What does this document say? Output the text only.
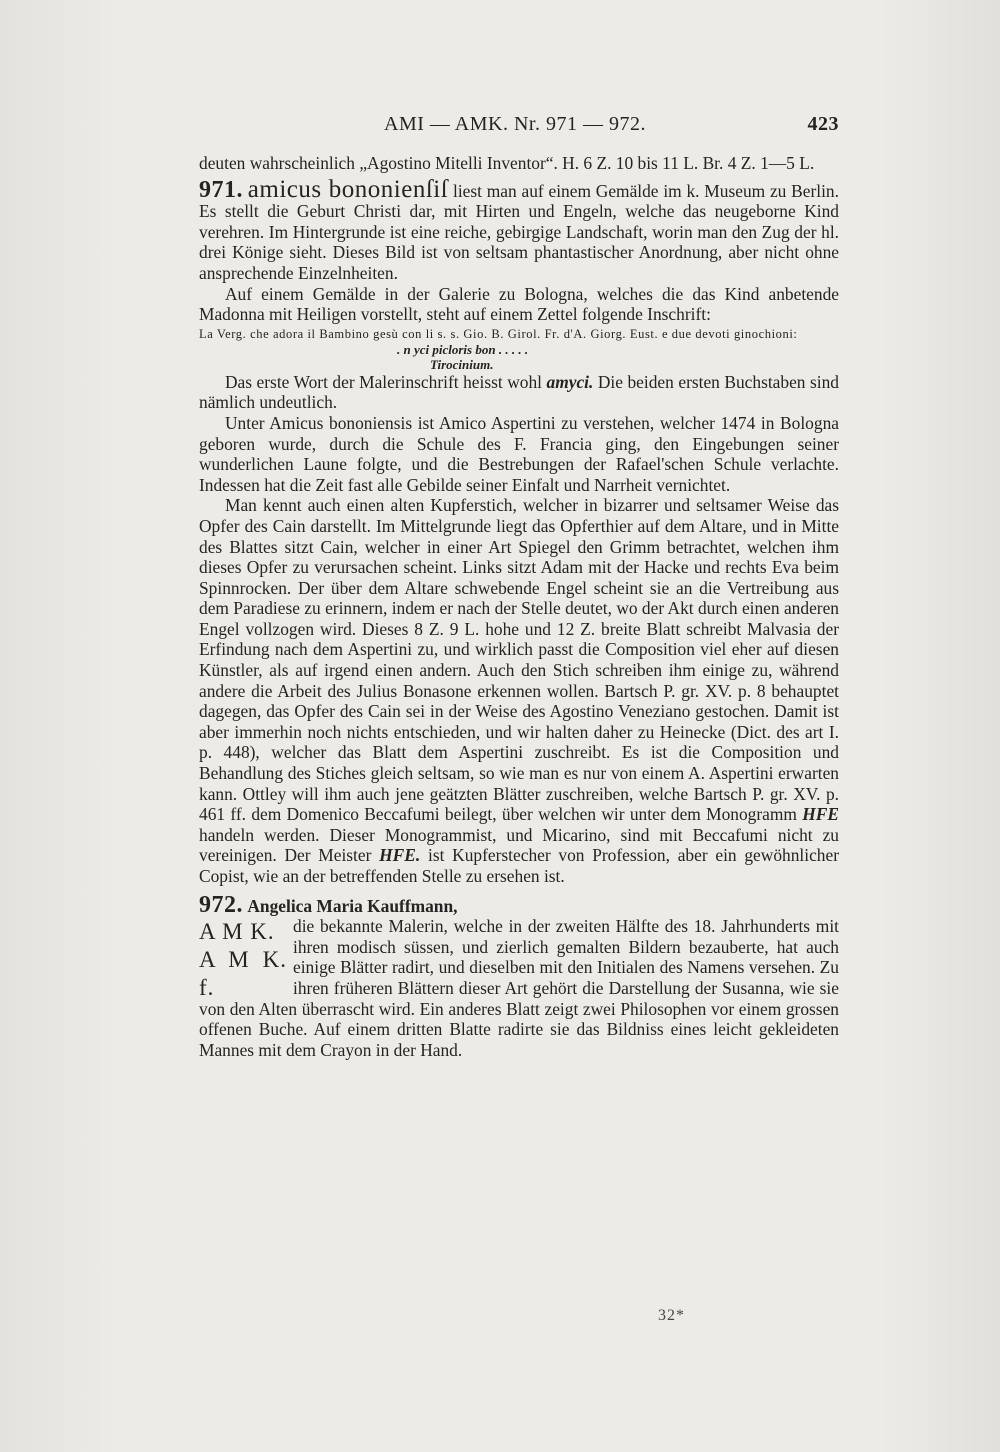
AMI — AMK. Nr. 971 — 972.	423

deuten wahrscheinlich „Agostino Mitelli Inventor“. H. 6 Z. 10 bis 11 L. Br. 4 Z. 1—5 L.

971. amicus bononienſiſ liest man auf einem Gemälde im k. Museum zu Berlin. Es stellt die Geburt Christi dar, mit Hirten und Engeln, welche das neugeborne Kind verehren. Im Hintergrunde ist eine reiche, gebirgige Landschaft, worin man den Zug der hl. drei Könige sieht. Dieses Bild ist von seltsam phantastischer Anordnung, aber nicht ohne ansprechende Einzelnheiten.

Auf einem Gemälde in der Galerie zu Bologna, welches die das Kind anbetende Madonna mit Heiligen vorstellt, steht auf einem Zettel folgende Inschrift:

La Verg. che adora il Bambino gesù con li s. s. Gio. B. Girol. Fr. d'A. Giorg. Eust. e due devoti ginochioni:

. n yci picloris bon . . . . .

Tirocinium.

Das erste Wort der Malerinschrift heisst wohl amyci. Die beiden ersten Buchstaben sind nämlich undeutlich.

Unter Amicus bononiensis ist Amico Aspertini zu verstehen, welcher 1474 in Bologna geboren wurde, durch die Schule des F. Francia ging, den Eingebungen seiner wunderlichen Laune folgte, und die Bestrebungen der Rafael'schen Schule verlachte. Indessen hat die Zeit fast alle Gebilde seiner Einfalt und Narrheit vernichtet.

Man kennt auch einen alten Kupferstich, welcher in bizarrer und seltsamer Weise das Opfer des Cain darstellt. Im Mittelgrunde liegt das Opferthier auf dem Altare, und in Mitte des Blattes sitzt Cain, welcher in einer Art Spiegel den Grimm betrachtet, welchen ihm dieses Opfer zu verursachen scheint. Links sitzt Adam mit der Hacke und rechts Eva beim Spinnrocken. Der über dem Altare schwebende Engel scheint sie an die Vertreibung aus dem Paradiese zu erinnern, indem er nach der Stelle deutet, wo der Akt durch einen anderen Engel vollzogen wird. Dieses 8 Z. 9 L. hohe und 12 Z. breite Blatt schreibt Malvasia der Erfindung nach dem Aspertini zu, und wirklich passt die Composition viel eher auf diesen Künstler, als auf irgend einen andern. Auch den Stich schreiben ihm einige zu, während andere die Arbeit des Julius Bonasone erkennen wollen. Bartsch P. gr. XV. p. 8 behauptet dagegen, das Opfer des Cain sei in der Weise des Agostino Veneziano gestochen. Damit ist aber immerhin noch nichts entschieden, und wir halten daher zu Heinecke (Dict. des art I. p. 448), welcher das Blatt dem Aspertini zuschreibt. Es ist die Composition und Behandlung des Stiches gleich seltsam, so wie man es nur von einem A. Aspertini erwarten kann. Ottley will ihm auch jene geätzten Blätter zuschreiben, welche Bartsch P. gr. XV. p. 461 ff. dem Domenico Beccafumi beilegt, über welchen wir unter dem Monogramm HFE handeln werden. Dieser Monogrammist, und Micarino, sind mit Beccafumi nicht zu vereinigen. Der Meister HFE. ist Kupferstecher von Profession, aber ein gewöhnlicher Copist, wie an der betreffenden Stelle zu ersehen ist.

972. Angelica Maria Kauffmann,

A M K.
A M K. f.

die bekannte Malerin, welche in der zweiten Hälfte des 18. Jahrhunderts mit ihren modisch süssen, und zierlich gemalten Bildern bezauberte, hat auch einige Blätter radirt, und dieselben mit den Initialen des Namens versehen. Zu ihren früheren Blättern dieser Art gehört die Darstellung der Susanna, wie sie von den Alten überrascht wird. Ein anderes Blatt zeigt zwei Philosophen vor einem grossen offenen Buche. Auf einem dritten Blatte radirte sie das Bildniss eines leicht gekleideten Mannes mit dem Crayon in der Hand.

32*
